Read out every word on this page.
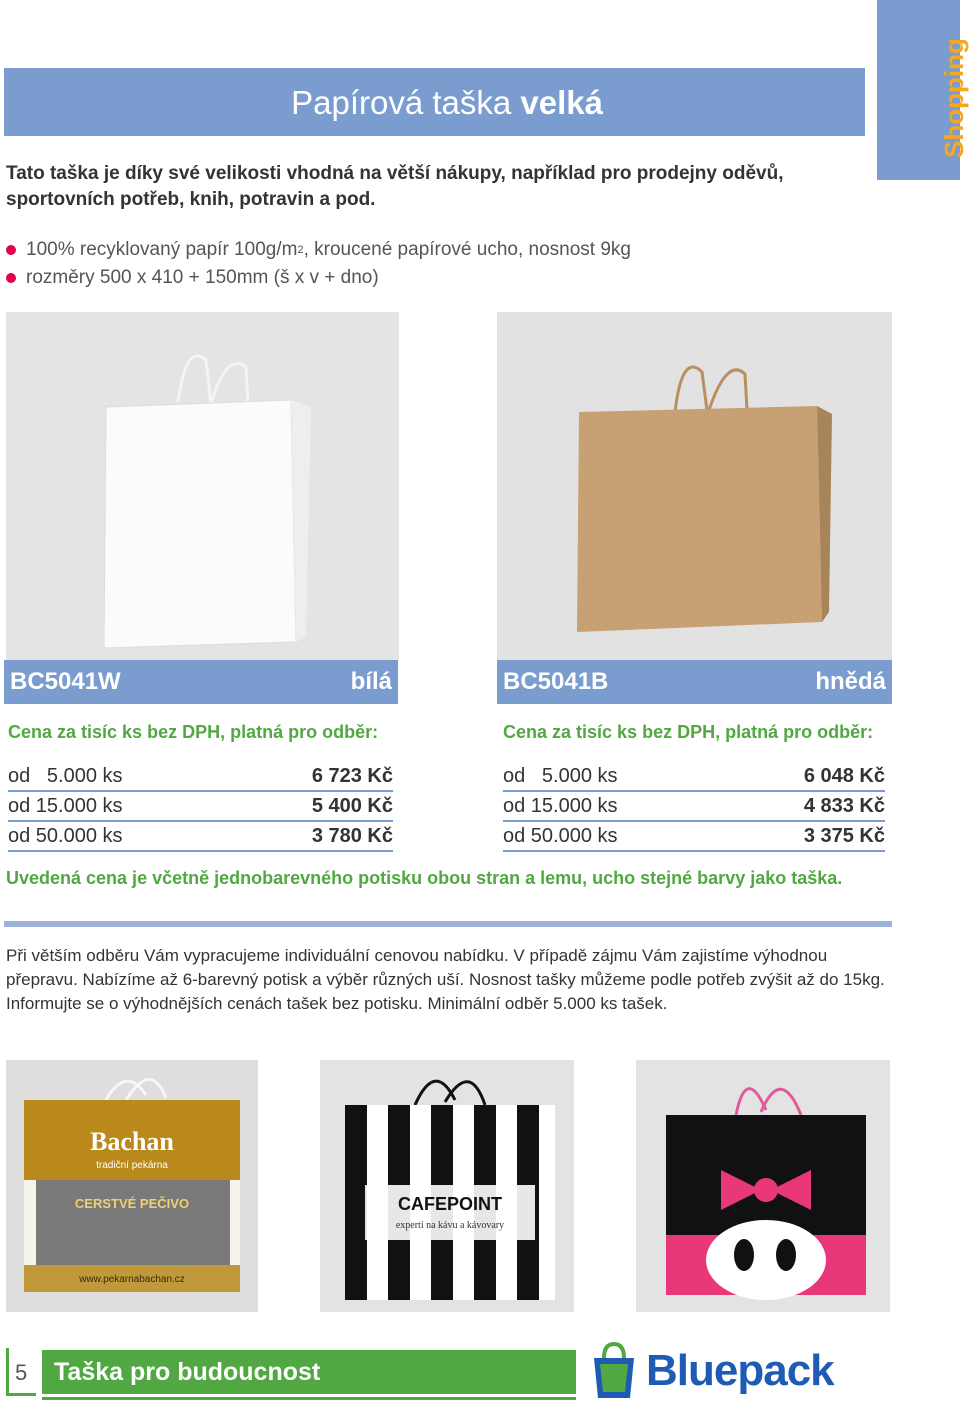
Papírová taška velká	Shopping
Tato taška je díky své velikosti vhodná na větší nákupy, například pro prodejny oděvů, sportovních potřeb, knih, potravin a pod.
100% recyklovaný papír 100g/m 2 , kroucené papírové ucho, nosnost 9kg
rozměry 500 x 410 + 150mm (š x v + dno)
BC5041W	bílá
Cena za tisíc ks bez DPH, platná pro odběr:
od   5.000 ks	6 723 Kč
od 15.000 ks	5 400 Kč
od 50.000 ks	3 780 Kč
BC5041B	hnědá
Cena za tisíc ks bez DPH, platná pro odběr:
od   5.000 ks	6 048 Kč
od 15.000 ks	4 833 Kč
od 50.000 ks	3 375 Kč
Uvedená cena je včetně jednobarevného potisku obou stran a lemu, ucho stejné barvy jako taška.
Při větším odběru Vám vypracujeme individuální cenovou nabídku. V případě zájmu Vám zajistíme výhodnou přepravu. Nabízíme až 6-barevný potisk a výběr různých uší. Nosnost tašky můžeme podle potřeb zvýšit až do 15kg. Informujte se o výhodnějších cenách tašek bez potisku. Minimální odběr 5.000 ks tašek.
Bachan
tradiční pekárna
CERSTVÉ PEČIVO
www.pekarnabachan.cz
CAFEPOINT
experti na kávu a kávovary
5	Taška pro budoucnost	Bluepack
